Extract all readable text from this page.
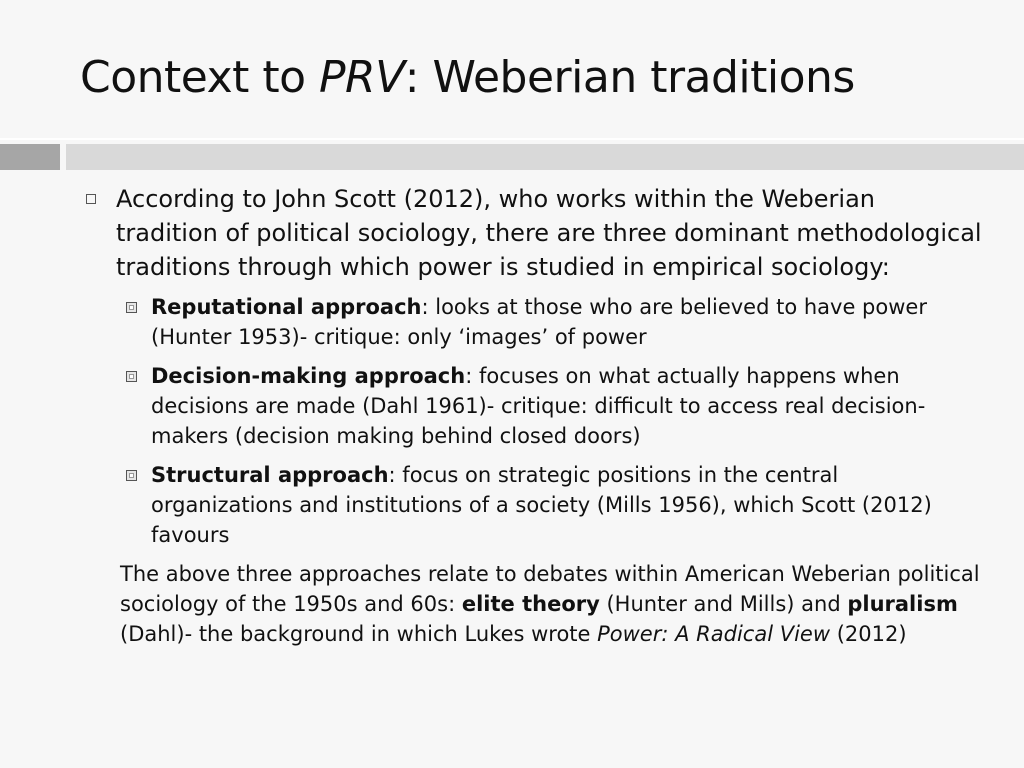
Context to PRV: Weberian traditions
According to John Scott (2012), who works within the Weberian tradition of political sociology, there are three dominant methodological traditions through which power is studied in empirical sociology:
Reputational approach: looks at those who are believed to have power (Hunter 1953)- critique: only ‘images’ of power
Decision-making approach: focuses on what actually happens when decisions are made (Dahl 1961)- critique: difficult to access real decision-makers (decision making behind closed doors)
Structural approach: focus on strategic positions in the central organizations and institutions of a society (Mills 1956), which Scott (2012) favours
The above three approaches relate to debates within American Weberian political sociology of the 1950s and 60s: elite theory (Hunter and Mills) and pluralism (Dahl)- the background in which Lukes wrote Power: A Radical View (2012)
